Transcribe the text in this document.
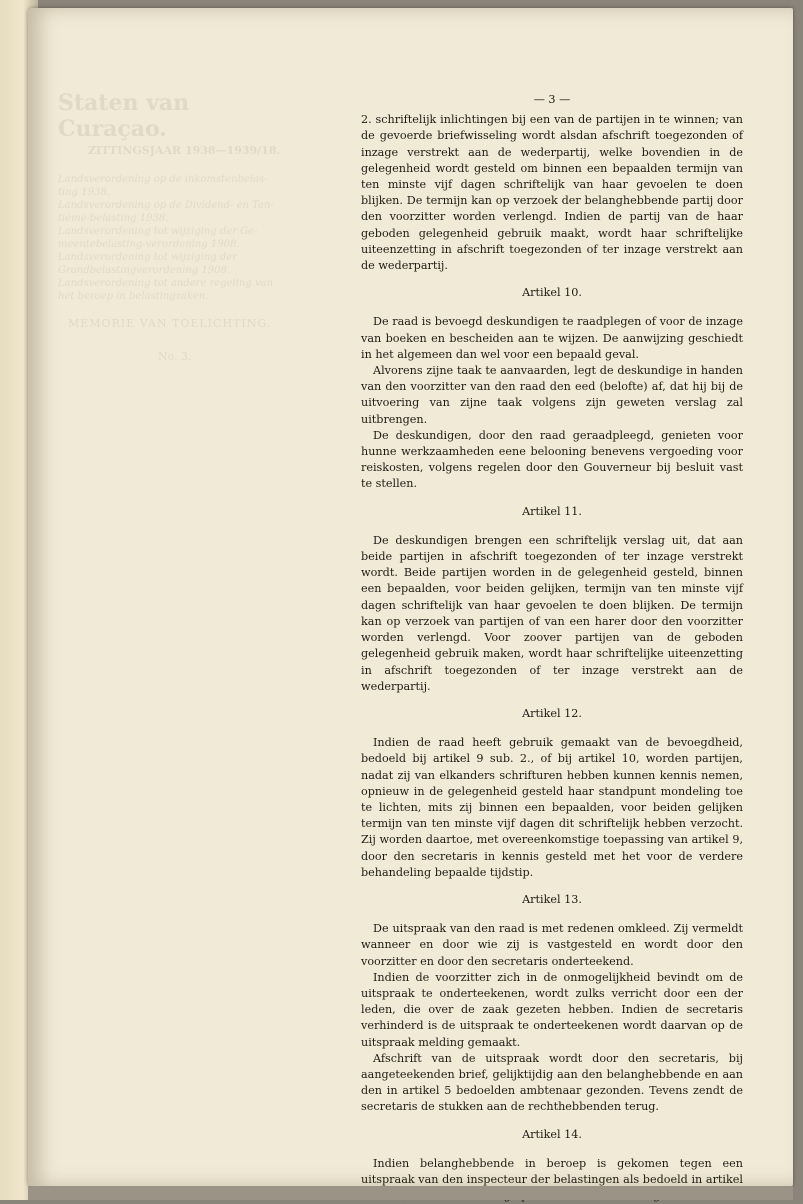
Staten van Curaçao.
ZITTINGSJAAR 1938—1939/18.
Landsverordening op de inkomstenbelas-
ting 1938.
Landsverordening op de Dividend- en Tan-
tième-belasting 1938.
Landsverordening tot wijziging der Ge-
meentebelasting-verordening 1908.
Landsverordening tot wijziging der
Grondbelastingverordening 1908.
Landsverordening tot andere regeling van
het beroep in belastingzaken.
MEMORIE VAN TOELICHTING.
No. 3.
— 3 —
2. schriftelijk inlichtingen bij een van de partijen in te winnen; van de gevoerde briefwisseling wordt alsdan afschrift toegezonden of inzage verstrekt aan de wederpartij, welke bovendien in de gelegenheid wordt gesteld om binnen een bepaalden termijn van ten minste vijf dagen schriftelijk van haar gevoelen te doen blijken. De termijn kan op verzoek der belanghebbende partij door den voorzitter worden verlengd. Indien de partij van de haar geboden gelegenheid gebruik maakt, wordt haar schriftelijke uiteenzetting in afschrift toegezonden of ter inzage verstrekt aan de wederpartij.
Artikel 10.
De raad is bevoegd deskundigen te raadplegen of voor de inzage van boeken en bescheiden aan te wijzen. De aanwijzing geschiedt in het algemeen dan wel voor een bepaald geval.
Alvorens zijne taak te aanvaarden, legt de deskundige in handen van den voorzitter van den raad den eed (belofte) af, dat hij bij de uitvoering van zijne taak volgens zijn geweten verslag zal uitbrengen.
De deskundigen, door den raad geraadpleegd, genieten voor hunne werkzaamheden eene belooning benevens vergoeding voor reiskosten, volgens regelen door den Gouverneur bij besluit vast te stellen.
Artikel 11.
De deskundigen brengen een schriftelijk verslag uit, dat aan beide partijen in afschrift toegezonden of ter inzage verstrekt wordt. Beide partijen worden in de gelegenheid gesteld, binnen een bepaalden, voor beiden gelijken, termijn van ten minste vijf dagen schriftelijk van haar gevoelen te doen blijken. De termijn kan op verzoek van partijen of van een harer door den voorzitter worden verlengd. Voor zoover partijen van de geboden gelegenheid gebruik maken, wordt haar schriftelijke uiteenzetting in afschrift toegezonden of ter inzage verstrekt aan de wederpartij.
Artikel 12.
Indien de raad heeft gebruik gemaakt van de bevoegdheid, bedoeld bij artikel 9 sub. 2., of bij artikel 10, worden partijen, nadat zij van elkanders schrifturen hebben kunnen kennis nemen, opnieuw in de gelegenheid gesteld haar standpunt mondeling toe te lichten, mits zij binnen een bepaalden, voor beiden gelijken termijn van ten minste vijf dagen dit schriftelijk hebben verzocht. Zij worden daartoe, met overeenkomstige toepassing van artikel 9, door den secretaris in kennis gesteld met het voor de verdere behandeling bepaalde tijdstip.
Artikel 13.
De uitspraak van den raad is met redenen omkleed. Zij vermeldt wanneer en door wie zij is vastgesteld en wordt door den voorzitter en door den secretaris onderteekend.
Indien de voorzitter zich in de onmogelijkheid bevindt om de uitspraak te onderteekenen, wordt zulks verricht door een der leden, die over de zaak gezeten hebben. Indien de secretaris verhinderd is de uitspraak te onderteekenen wordt daarvan op de uitspraak melding gemaakt.
Afschrift van de uitspraak wordt door den secretaris, bij aangeteekenden brief, gelijktijdig aan den belanghebbende en aan den in artikel 5 bedoelden ambtenaar gezonden. Tevens zendt de secretaris de stukken aan de rechthebbenden terug.
Artikel 14.
Indien belanghebbende in beroep is gekomen tegen een uitspraak van den inspecteur der belastingen als bedoeld in artikel
